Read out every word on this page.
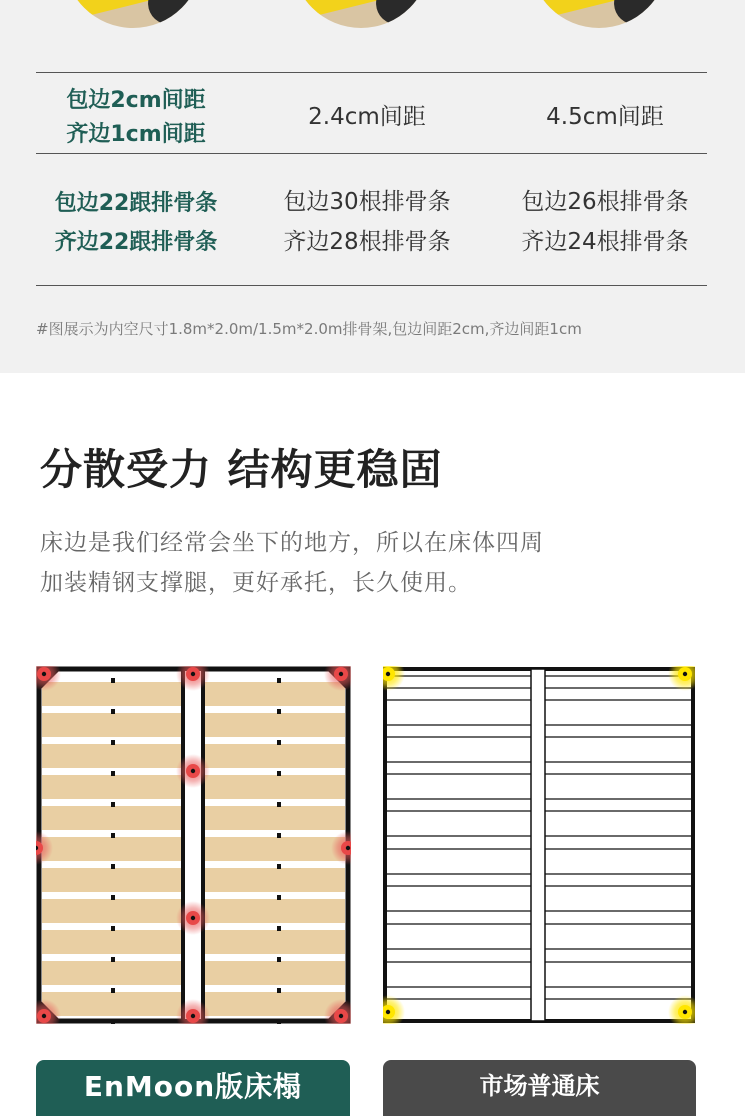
包边2cm间距
齐边1cm间距
2.4cm间距	4.5cm间距
包边22跟排骨条
齐边22跟排骨条
包边30根排骨条
齐边28根排骨条
包边26根排骨条
齐边24根排骨条
#图展示为内空尺寸1.8m*2.0m/1.5m*2.0m排骨架,包边间距2cm,齐边间距1cm
分散受力 结构更稳固
床边是我们经常会坐下的地方，所以在床体四周
加装精钢支撑腿，更好承托，长久使用。
EnMoon版床榻	市场普通床
